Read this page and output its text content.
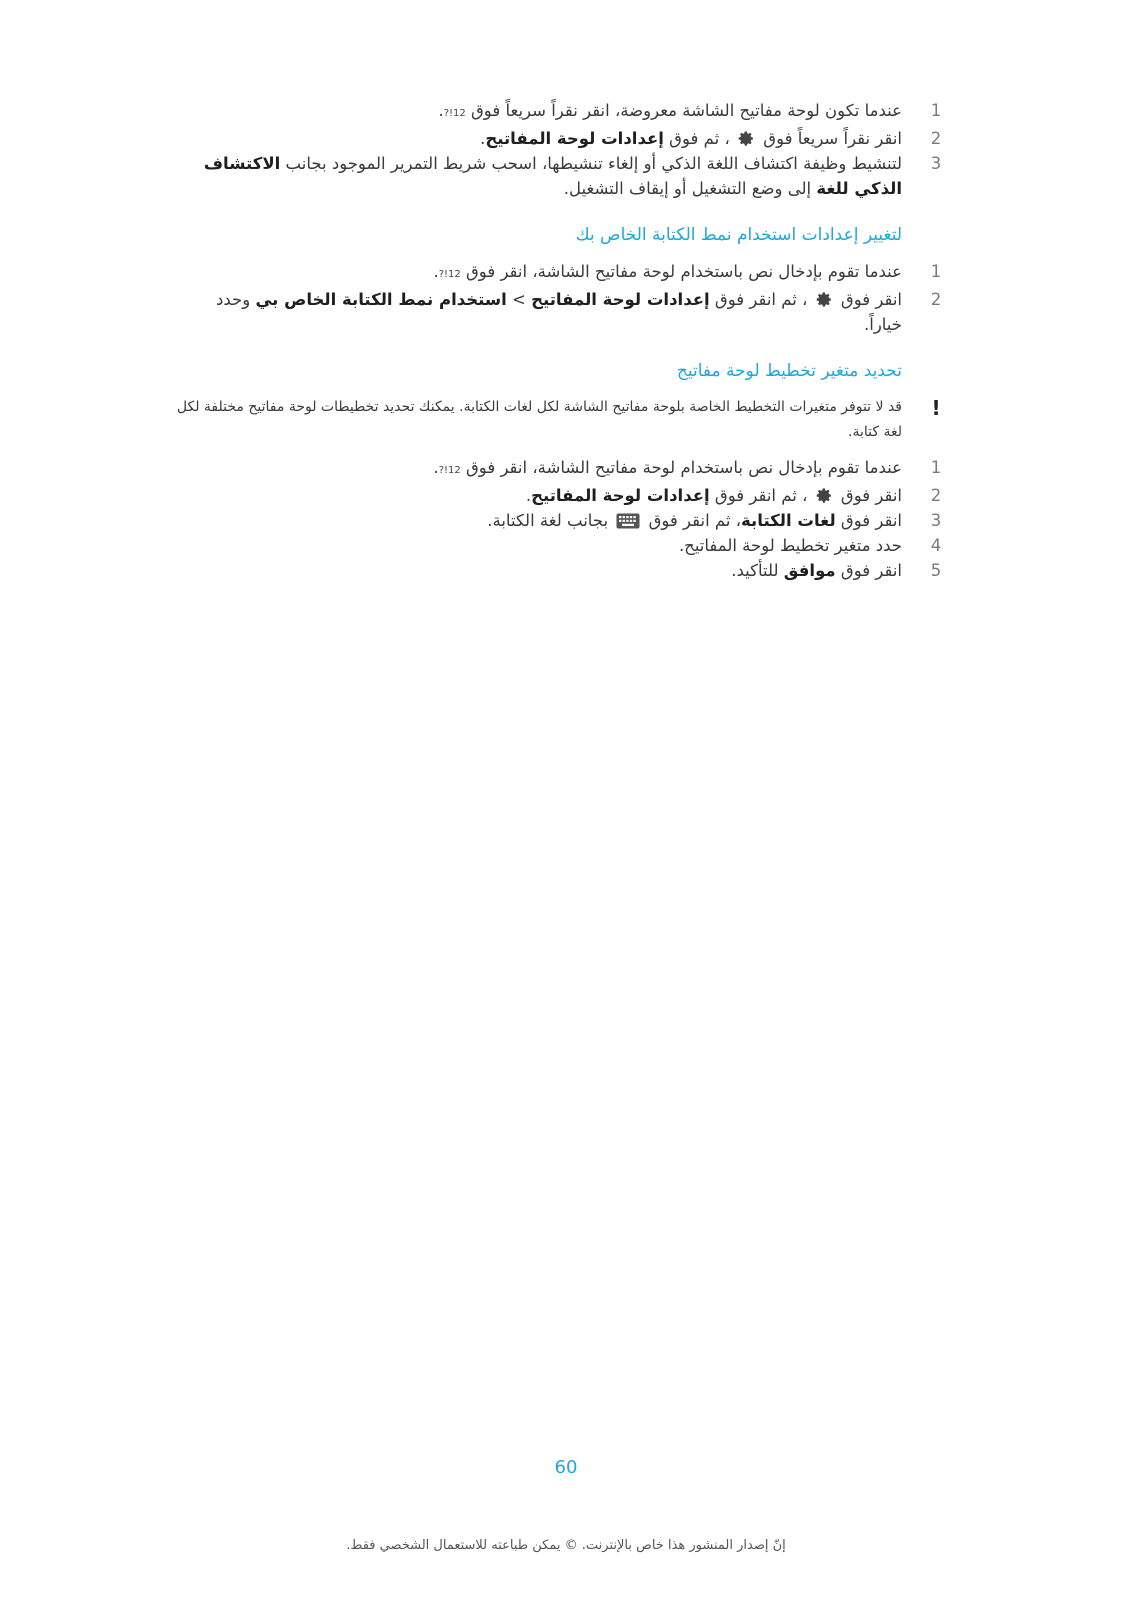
1
عندما تكون لوحة مفاتيح الشاشة معروضة، انقر نقراً سريعاً فوق 12!?.
2
انقر نقراً سريعاً فوق  ، ثم فوق إعدادات لوحة المفاتيح.
3
لتنشيط وظيفة اكتشاف اللغة الذكي أو إلغاء تنشيطها، اسحب شريط التمرير الموجود بجانب الاكتشاف الذكي للغة إلى وضع التشغيل أو إيقاف التشغيل.
لتغيير إعدادات استخدام نمط الكتابة الخاص بك
1
عندما تقوم بإدخال نص باستخدام لوحة مفاتيح الشاشة، انقر فوق 12!?.
2
انقر فوق  ، ثم انقر فوق إعدادات لوحة المفاتيح > استخدام نمط الكتابة الخاص بي وحدد خياراً.
تحديد متغير تخطيط لوحة مفاتيح
!
قد لا تتوفر متغيرات التخطيط الخاصة بلوحة مفاتيح الشاشة لكل لغات الكتابة. يمكنك تحديد تخطيطات لوحة مفاتيح مختلفة لكل لغة كتابة.
1
عندما تقوم بإدخال نص باستخدام لوحة مفاتيح الشاشة، انقر فوق 12!?.
2
انقر فوق  ، ثم انقر فوق إعدادات لوحة المفاتيح.
3
انقر فوق لغات الكتابة، ثم انقر فوق  بجانب لغة الكتابة.
4
حدد متغير تخطيط لوحة المفاتيح.
5
انقر فوق موافق للتأكيد.
60
إنّ إصدار المنشور هذا خاص بالإنترنت. © يمكن طباعته للاستعمال الشخصي فقط.
